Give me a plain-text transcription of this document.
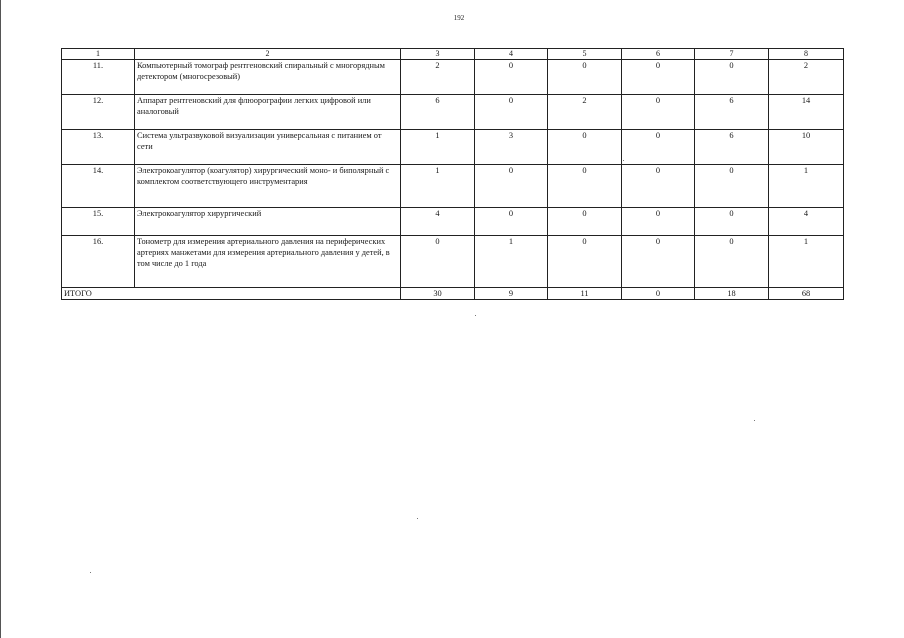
192
1	2	3	4	5	6	7	8
11.	Компьютерный томограф рентгеновский спиральный с многорядным детектором (многосрезовый)	2	0	0	0	0	2
12.	Аппарат рентгеновский для флюорографии легких цифровой или аналоговый	6	0	2	0	6	14
13.	Система ультразвуковой визуализации универсальная с питанием от сети	1	3	0	0	6	10
14.	Электрокоагулятор (коагулятор) хирургический моно- и биполярный с комплектом соответствующего инструментария	1	0	0	0	0	1
15.	Электрокоагулятор хирургический	4	0	0	0	0	4
16.	Тонометр для измерения артериального давления на периферических артериях манжетами для измерения артериального давления у детей, в том числе до 1 года	0	1	0	0	0	1
ИТОГО		30	9	11	0	18	68
